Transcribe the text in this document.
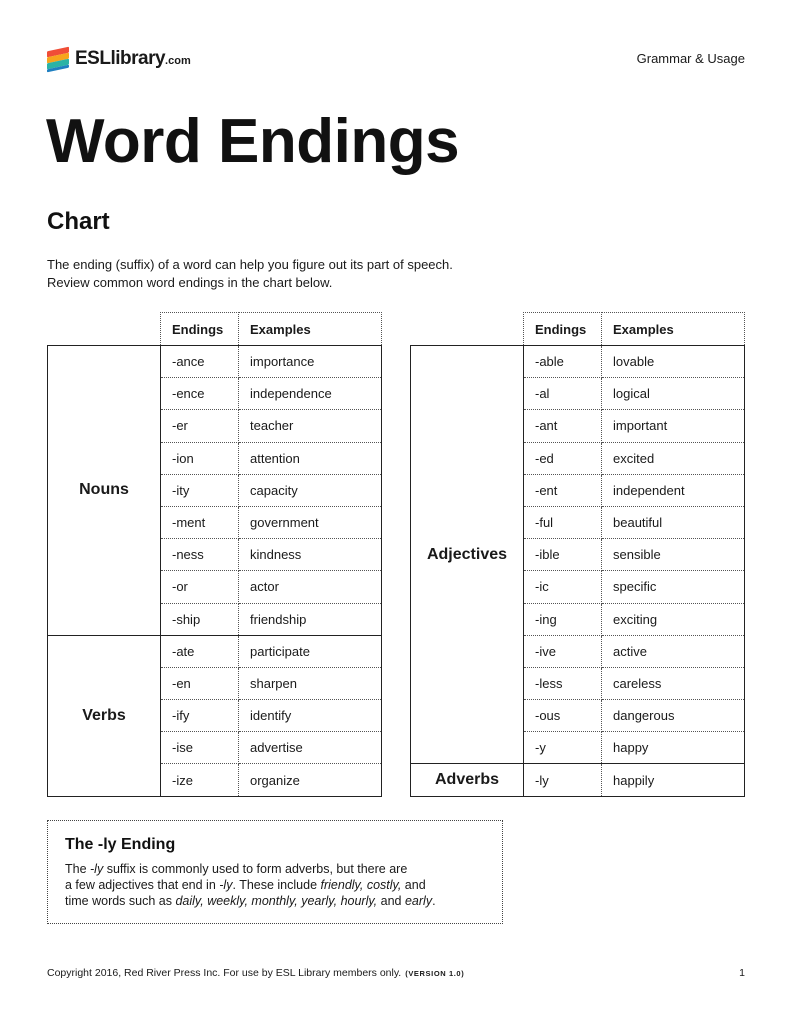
ESLlibrary.com	Grammar & Usage
Word Endings
Chart
The ending (suffix) of a word can help you figure out its part of speech.
Review common word endings in the chart below.
	Endings	Examples
Nouns	-ance	importance
	-ence	independence
	-er	teacher
	-ion	attention
	-ity	capacity
	-ment	government
	-ness	kindness
	-or	actor
	-ship	friendship
Verbs	-ate	participate
	-en	sharpen
	-ify	identify
	-ise	advertise
	-ize	organize
	Endings	Examples
Adjectives	-able	lovable
	-al	logical
	-ant	important
	-ed	excited
	-ent	independent
	-ful	beautiful
	-ible	sensible
	-ic	specific
	-ing	exciting
	-ive	active
	-less	careless
	-ous	dangerous
	-y	happy
Adverbs	-ly	happily
The -ly Ending
The -ly suffix is commonly used to form adverbs, but there are
a few adjectives that end in -ly. These include friendly, costly, and
time words such as daily, weekly, monthly, yearly, hourly, and early.
Copyright 2016, Red River Press Inc. For use by ESL Library members only. (VERSION 1.0)	1
